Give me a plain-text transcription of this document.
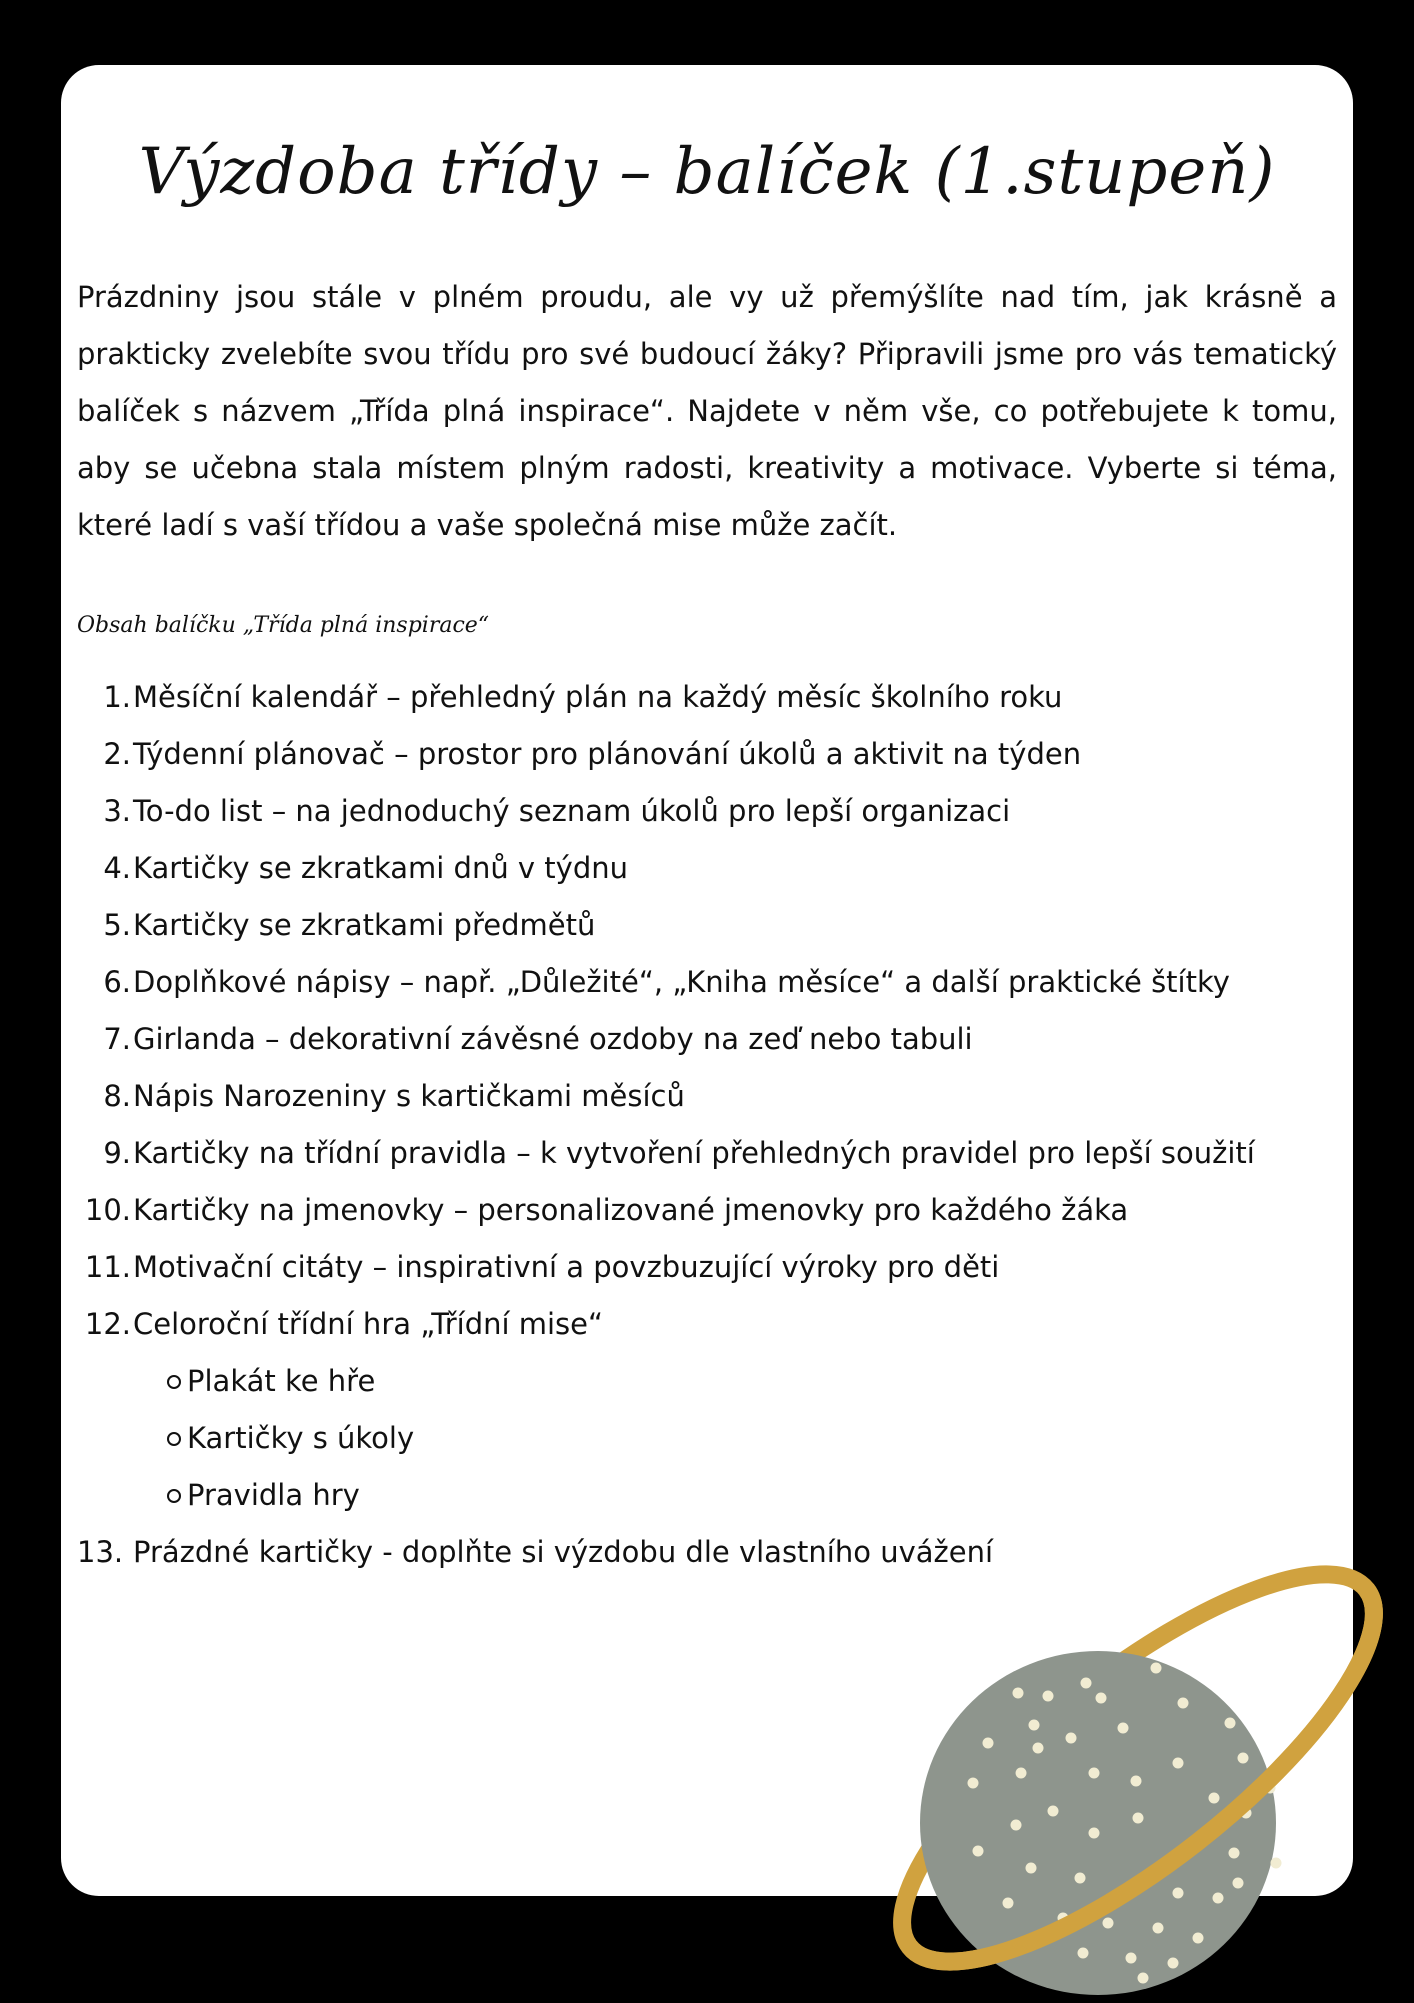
Výzdoba třídy – balíček (1.stupeň)

Prázdniny jsou stále v plném proudu, ale vy už přemýšlíte nad tím, jak krásně a prakticky zvelebíte svou třídu pro své budoucí žáky? Připravili jsme pro vás tematický balíček s názvem „Třída plná inspirace“. Najdete v něm vše, co potřebujete k tomu, aby se učebna stala místem plným radosti, kreativity a motivace. Vyberte si téma, které ladí s vaší třídou a vaše společná mise může začít.

Obsah balíčku „Třída plná inspirace“
1. Měsíční kalendář – přehledný plán na každý měsíc školního roku
2. Týdenní plánovač – prostor pro plánování úkolů a aktivit na týden
3. To-do list – na jednoduchý seznam úkolů pro lepší organizaci
4. Kartičky se zkratkami dnů v týdnu
5. Kartičky se zkratkami předmětů
6. Doplňkové nápisy – např. „Důležité“, „Kniha měsíce“ a další praktické štítky
7. Girlanda – dekorativní závěsné ozdoby na zeď nebo tabuli
8. Nápis Narozeniny s kartičkami měsíců
9. Kartičky na třídní pravidla – k vytvoření přehledných pravidel pro lepší soužití
10. Kartičky na jmenovky – personalizované jmenovky pro každého žáka
11. Motivační citáty – inspirativní a povzbuzující výroky pro děti
12. Celoroční třídní hra „Třídní mise“
Plakát ke hře
Kartičky s úkoly
Pravidla hry
13. Prázdné kartičky - doplňte si výzdobu dle vlastního uvážení
